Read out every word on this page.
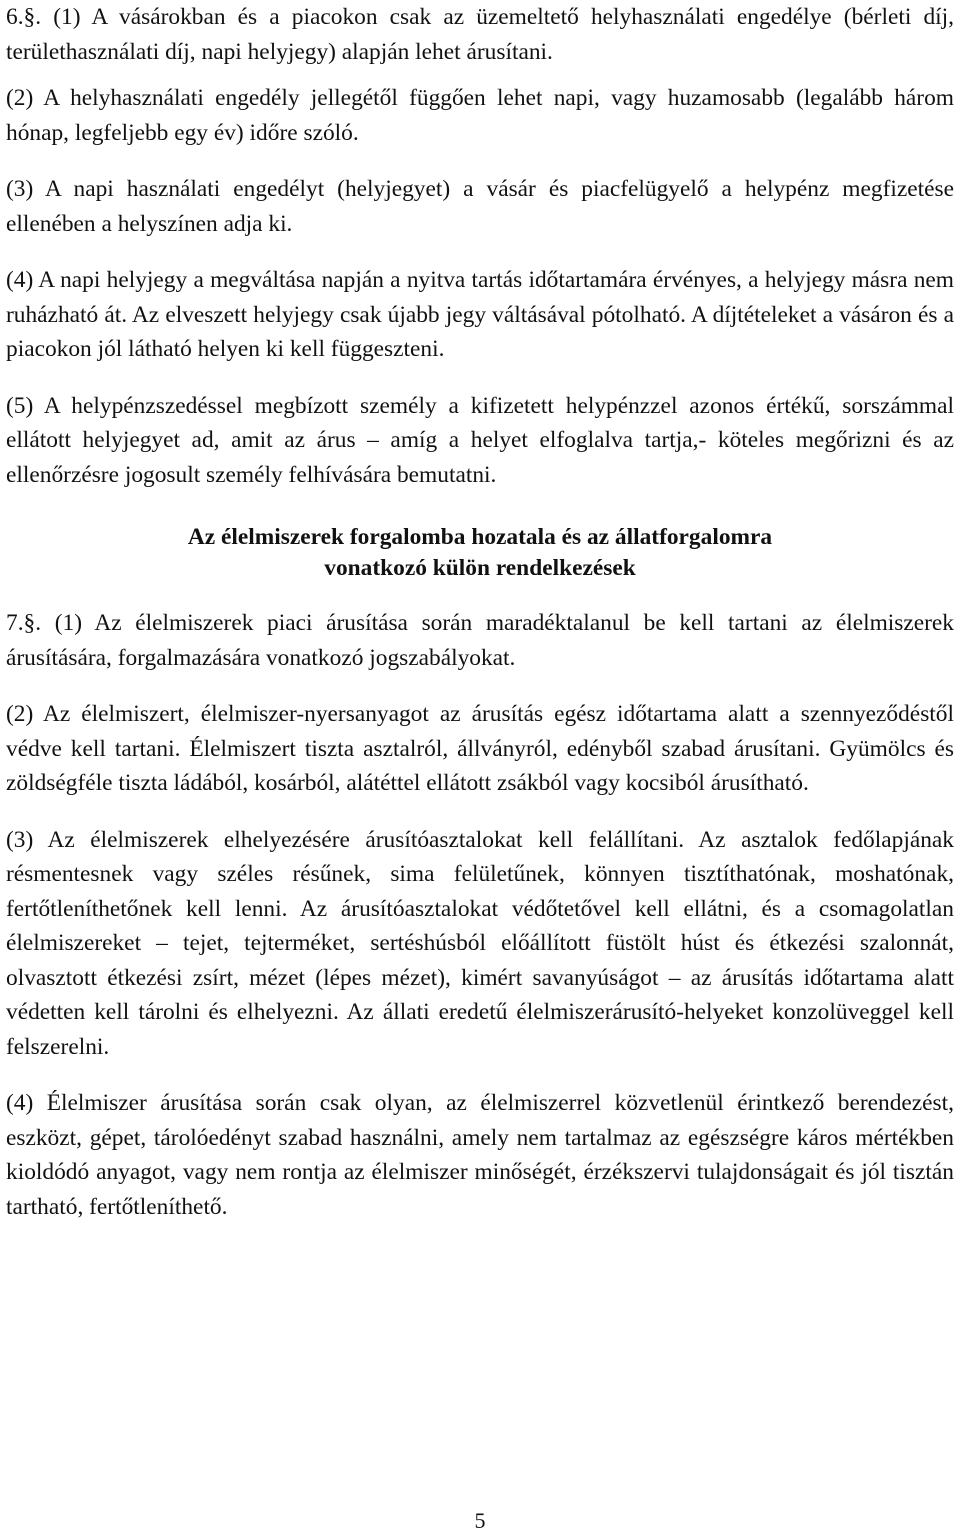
6.§. (1) A vásárokban és a piacokon csak az üzemeltető helyhasználati engedélye (bérleti díj, területhasználati díj, napi helyjegy) alapján lehet árusítani.

(2) A helyhasználati engedély jellegétől függően lehet napi, vagy huzamosabb (legalább három hónap, legfeljebb egy év) időre szóló.

(3) A napi használati engedélyt (helyjegyet) a vásár és piacfelügyelő a helypénz megfizetése ellenében a helyszínen adja ki.

(4) A napi helyjegy a megváltása napján a nyitva tartás időtartamára érvényes, a helyjegy másra nem ruházható át. Az elveszett helyjegy csak újabb jegy váltásával pótolható. A díjtételeket a vásáron és a piacokon jól látható helyen ki kell függeszteni.

(5) A helypénzszedéssel megbízott személy a kifizetett helypénzzel azonos értékű, sorszámmal ellátott helyjegyet ad, amit az árus – amíg a helyet elfoglalva tartja,- köteles megőrizni és az ellenőrzésre jogosult személy felhívására bemutatni.

Az élelmiszerek forgalomba hozatala és az állatforgalomra
vonatkozó külön rendelkezések

7.§. (1) Az élelmiszerek piaci árusítása során maradéktalanul be kell tartani az élelmiszerek árusítására, forgalmazására vonatkozó jogszabályokat.

(2) Az élelmiszert, élelmiszer-nyersanyagot az árusítás egész időtartama alatt a szennyeződéstől védve kell tartani. Élelmiszert tiszta asztalról, állványról, edényből szabad árusítani. Gyümölcs és zöldségféle tiszta ládából, kosárból, alátéttel ellátott zsákból vagy kocsiból árusítható.

(3) Az élelmiszerek elhelyezésére árusítóasztalokat kell felállítani. Az asztalok fedőlapjának résmentesnek vagy széles résűnek, sima felületűnek, könnyen tisztíthatónak, moshatónak, fertőtleníthetőnek kell lenni. Az árusítóasztalokat védőtetővel kell ellátni, és a csomagolatlan élelmiszereket – tejet, tejterméket, sertéshúsból előállított füstölt húst és étkezési szalonnát, olvasztott étkezési zsírt, mézet (lépes mézet), kimért savanyúságot – az árusítás időtartama alatt védetten kell tárolni és elhelyezni. Az állati eredetű élelmiszerárusító-helyeket konzolüveggel kell felszerelni.

(4) Élelmiszer árusítása során csak olyan, az élelmiszerrel közvetlenül érintkező berendezést, eszközt, gépet, tárolóedényt szabad használni, amely nem tartalmaz az egészségre káros mértékben kioldódó anyagot, vagy nem rontja az élelmiszer minőségét, érzékszervi tulajdonságait és jól tisztán tartható, fertőtleníthető.

5
